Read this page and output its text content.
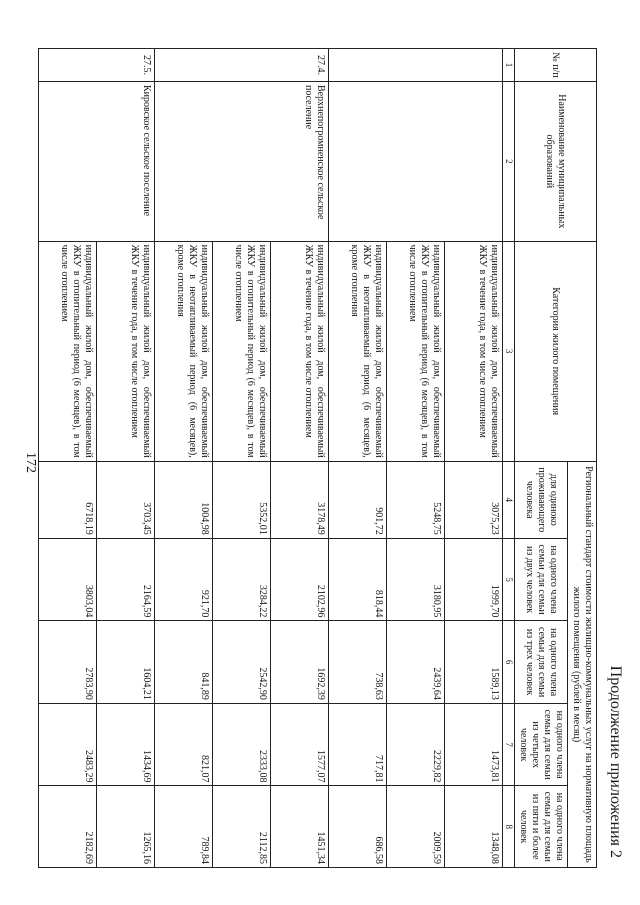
172
Продолжение приложения 2
№ п/п	Наименование муниципальных образований	Категория жилого помещения	Региональный стандарт стоимости жилищно-коммунальных услуг на нормативную площадь жилого помещения (рублей в месяц)				
			для одиноко проживающего человека	на одного члена семьи для семьи из двух человек	на одного члена семьи для семьи из трех человек	на одного члена семьи для семьи из четырех человек	на одного члена семьи для семьи из пяти и более человек
1	2	3	4	5	6	7	8
		индивидуальный жилой дом, обеспечиваемый ЖКУ в течение года, в том числе отоплением	3075,23	1999,70	1589,13	1473,81	1348,08
		индивидуальный жилой дом, обеспечиваемый ЖКУ в отопительный период (6 месяцев), в том числе отоплением	5248,75	3180,95	2439,64	2229,82	2009,59
		индивидуальный жилой дом, обеспечиваемый ЖКУ в неотапливаемый период (6 месяцев), кроме отопления	901,72	818,44	738,63	717,81	686,58
27.4.	Верхнепогромненское сельское поселение	индивидуальный жилой дом, обеспечиваемый ЖКУ в течение года, в том числе отоплением	3178,49	2102,96	1692,39	1577,07	1451,34
		индивидуальный жилой дом, обеспечиваемый ЖКУ в отопительный период (6 месяцев), в том числе отоплением	5352,01	3284,22	2542,90	2333,08	2112,85
		индивидуальный жилой дом, обеспечиваемый ЖКУ в неотапливаемый период (6 месяцев), кроме отопления	1004,98	921,70	841,89	821,07	789,84
27.5.	Кировское сельское поселение	индивидуальный жилой дом, обеспечиваемый ЖКУ в течение года, в том числе отоплением	3703,45	2164,59	1604,21	1434,69	1265,16
		индивидуальный жилой дом, обеспечиваемый ЖКУ в отопительный период (6 месяцев), в том числе отоплением	6718,19	3803,04	2783,90	2483,29	2182,69
